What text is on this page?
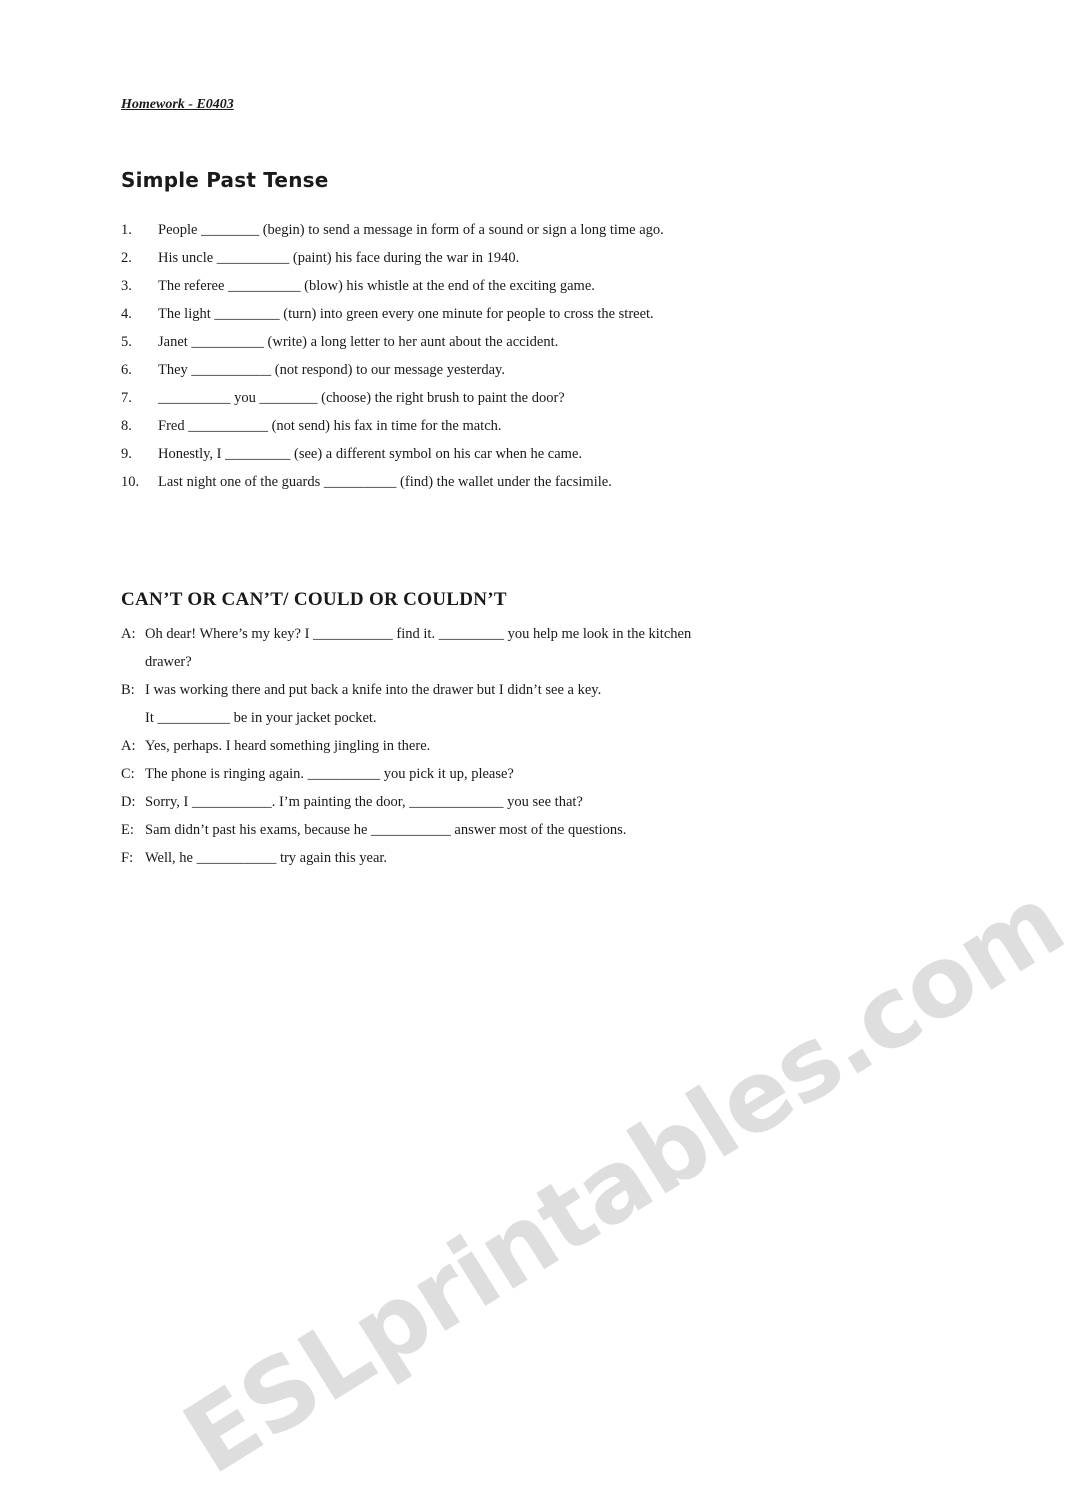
ESLprintables.com
Homework - E0403
Simple Past Tense
1.	People ________ (begin) to send a message in form of a sound or sign a long time ago.
2.	His uncle __________ (paint) his face during the war in 1940.
3.	The referee __________ (blow) his whistle at the end of the exciting game.
4.	The light _________ (turn) into green every one minute for people to cross the street.
5.	Janet __________ (write) a long letter to her aunt about the accident.
6.	They ___________ (not respond) to our message yesterday.
7.	__________ you ________ (choose) the right brush to paint the door?
8.	Fred ___________ (not send) his fax in time for the match.
9.	Honestly, I _________ (see) a different symbol on his car when he came.
10.	Last night one of the guards __________ (find) the wallet under the facsimile.
CAN’T OR CAN’T/ COULD OR COULDN’T
A: Oh dear! Where’s my key? I ___________ find it. _________ you help me look in the kitchen drawer?
B: I was working there and put back a knife into the drawer but I didn’t see a key.
It __________ be in your jacket pocket.
A: Yes, perhaps. I heard something jingling in there.
C: The phone is ringing again. __________ you pick it up, please?
D: Sorry, I ___________. I’m painting the door, _____________ you see that?
E: Sam didn’t past his exams, because he ___________ answer most of the questions.
F: Well, he ___________ try again this year.
